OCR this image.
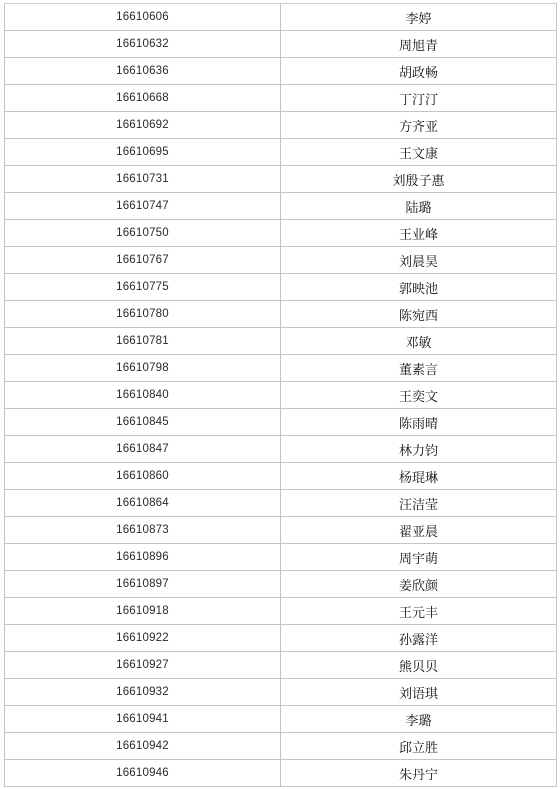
16610606	李婷
16610632	周旭青
16610636	胡政畅
16610668	丁汀汀
16610692	方齐亚
16610695	王文康
16610731	刘殷子惠
16610747	陆璐
16610750	王业峰
16610767	刘晨昊
16610775	郭映池
16610780	陈宛西
16610781	邓敏
16610798	董素言
16610840	王奕文
16610845	陈雨晴
16610847	林力钧
16610860	杨琨琳
16610864	汪洁莹
16610873	翟亚晨
16610896	周宇萌
16610897	姜欣颜
16610918	王元丰
16610922	孙露洋
16610927	熊贝贝
16610932	刘语琪
16610941	李璐
16610942	邱立胜
16610946	朱丹宁
